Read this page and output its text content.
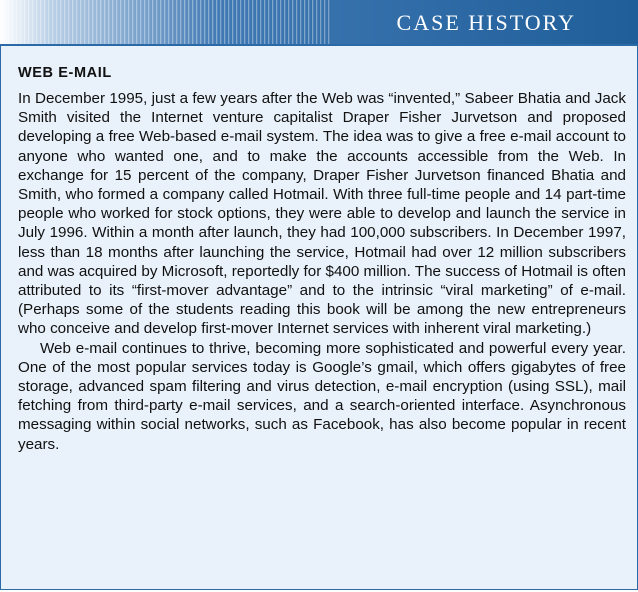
CASE HISTORY
WEB E-MAIL

In December 1995, just a few years after the Web was “invented,” Sabeer Bhatia and Jack Smith visited the Internet venture capitalist Draper Fisher Jurvetson and proposed developing a free Web-based e-mail system. The idea was to give a free e-mail account to anyone who wanted one, and to make the accounts accessible from the Web. In exchange for 15 percent of the company, Draper Fisher Jurvetson financed Bhatia and Smith, who formed a company called Hotmail. With three full-time people and 14 part-time people who worked for stock options, they were able to develop and launch the service in July 1996. Within a month after launch, they had 100,000 subscribers. In December 1997, less than 18 months after launching the service, Hotmail had over 12 million subscribers and was acquired by Microsoft, reportedly for $400 million. The success of Hotmail is often attributed to its “first-mover advantage” and to the intrinsic “viral marketing” of e-mail. (Perhaps some of the students reading this book will be among the new entrepreneurs who conceive and develop first-mover Internet services with inherent viral marketing.)

Web e-mail continues to thrive, becoming more sophisticated and powerful every year. One of the most popular services today is Google’s gmail, which offers gigabytes of free storage, advanced spam filtering and virus detection, e-mail encryption (using SSL), mail fetching from third-party e-mail services, and a search-oriented interface. Asynchronous messaging within social networks, such as Facebook, has also become popular in recent years.
